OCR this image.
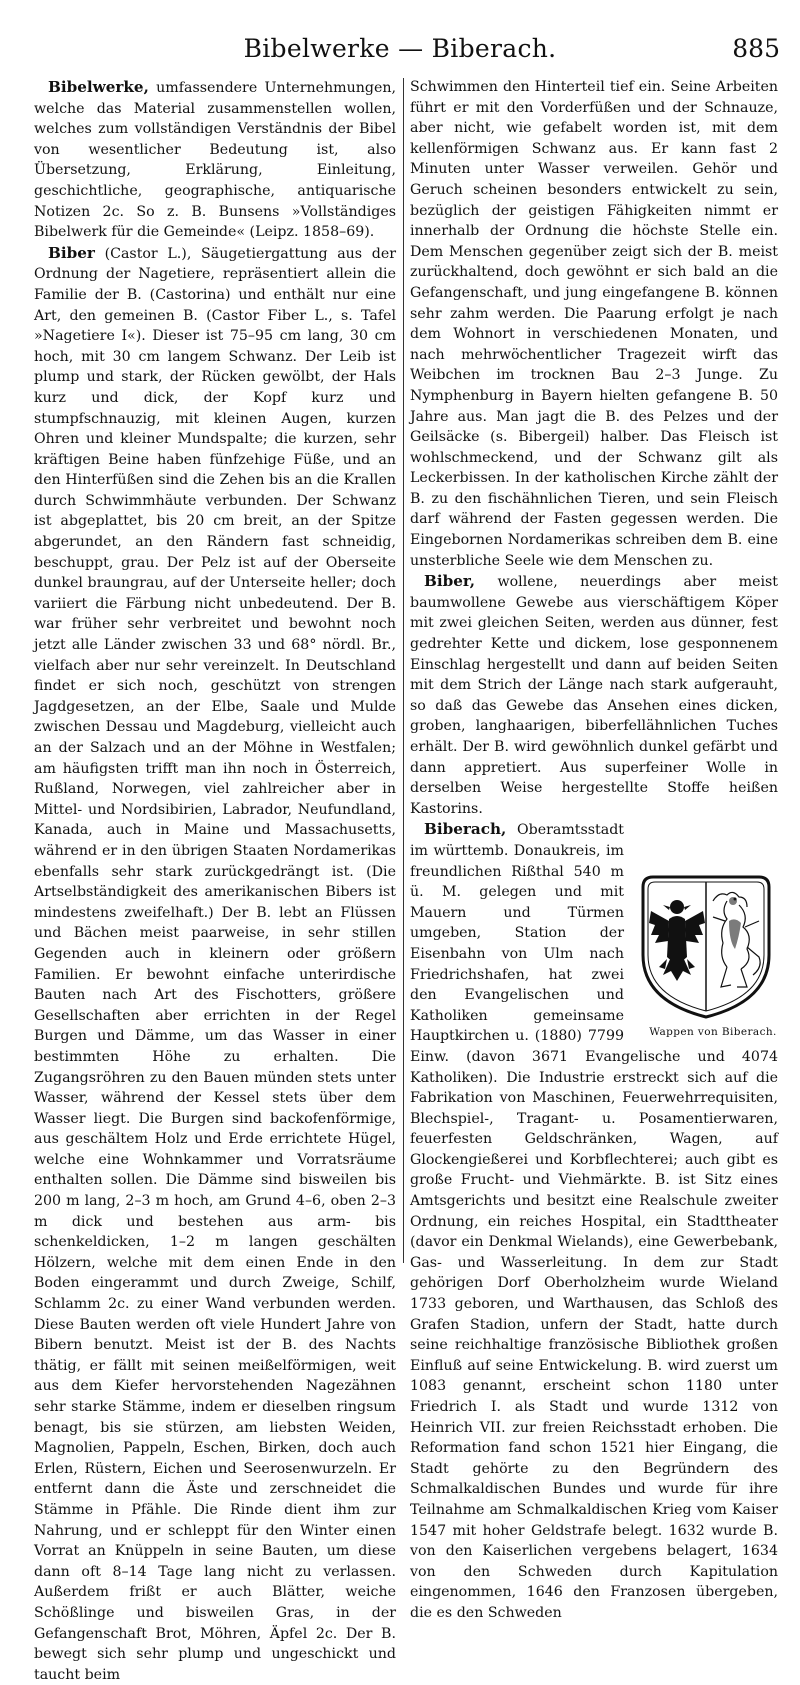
Bibelwerke — Biberach.	885

Bibelwerke, umfassendere Unternehmungen, welche das Material zusammenstellen wollen, welches zum vollständigen Verständnis der Bibel von wesentlicher Bedeutung ist, also Übersetzung, Erklärung, Einleitung, geschichtliche, geographische, antiquarische Notizen 2c. So z. B. Bunsens »Vollständiges Bibelwerk für die Gemeinde« (Leipz. 1858–69).

Biber (Castor L.), Säugetiergattung aus der Ordnung der Nagetiere, repräsentiert allein die Familie der B. (Castorina) und enthält nur eine Art, den gemeinen B. (Castor Fiber L., s. Tafel »Nagetiere I«). Dieser ist 75–95 cm lang, 30 cm hoch, mit 30 cm langem Schwanz. Der Leib ist plump und stark, der Rücken gewölbt, der Hals kurz und dick, der Kopf kurz und stumpfschnauzig, mit kleinen Augen, kurzen Ohren und kleiner Mundspalte; die kurzen, sehr kräftigen Beine haben fünfzehige Füße, und an den Hinterfüßen sind die Zehen bis an die Krallen durch Schwimmhäute verbunden. Der Schwanz ist abgeplattet, bis 20 cm breit, an der Spitze abgerundet, an den Rändern fast schneidig, beschuppt, grau. Der Pelz ist auf der Oberseite dunkel braungrau, auf der Unterseite heller; doch variiert die Färbung nicht unbedeutend. Der B. war früher sehr verbreitet und bewohnt noch jetzt alle Länder zwischen 33 und 68° nördl. Br., vielfach aber nur sehr vereinzelt. In Deutschland findet er sich noch, geschützt von strengen Jagdgesetzen, an der Elbe, Saale und Mulde zwischen Dessau und Magdeburg, vielleicht auch an der Salzach und an der Möhne in Westfalen; am häufigsten trifft man ihn noch in Österreich, Rußland, Norwegen, viel zahlreicher aber in Mittel- und Nordsibirien, Labrador, Neufundland, Kanada, auch in Maine und Massachusetts, während er in den übrigen Staaten Nordamerikas ebenfalls sehr stark zurückgedrängt ist. (Die Artselbständigkeit des amerikanischen Bibers ist mindestens zweifelhaft.) Der B. lebt an Flüssen und Bächen meist paarweise, in sehr stillen Gegenden auch in kleinern oder größern Familien. Er bewohnt einfache unterirdische Bauten nach Art des Fischotters, größere Gesellschaften aber errichten in der Regel Burgen und Dämme, um das Wasser in einer bestimmten Höhe zu erhalten. Die Zugangsröhren zu den Bauen münden stets unter Wasser, während der Kessel stets über dem Wasser liegt. Die Burgen sind backofenförmige, aus geschältem Holz und Erde errichtete Hügel, welche eine Wohnkammer und Vorratsräume enthalten sollen. Die Dämme sind bisweilen bis 200 m lang, 2–3 m hoch, am Grund 4–6, oben 2–3 m dick und bestehen aus arm- bis schenkeldicken, 1–2 m langen geschälten Hölzern, welche mit dem einen Ende in den Boden eingerammt und durch Zweige, Schilf, Schlamm 2c. zu einer Wand verbunden werden. Diese Bauten werden oft viele Hundert Jahre von Bibern benutzt. Meist ist der B. des Nachts thätig, er fällt mit seinen meißelförmigen, weit aus dem Kiefer hervorstehenden Nagezähnen sehr starke Stämme, indem er dieselben ringsum benagt, bis sie stürzen, am liebsten Weiden, Magnolien, Pappeln, Eschen, Birken, doch auch Erlen, Rüstern, Eichen und Seerosenwurzeln. Er entfernt dann die Äste und zerschneidet die Stämme in Pfähle. Die Rinde dient ihm zur Nahrung, und er schleppt für den Winter einen Vorrat an Knüppeln in seine Bauten, um diese dann oft 8–14 Tage lang nicht zu verlassen. Außerdem frißt er auch Blätter, weiche Schößlinge und bisweilen Gras, in der Gefangenschaft Brot, Möhren, Äpfel 2c. Der B. bewegt sich sehr plump und ungeschickt und taucht beim

Schwimmen den Hinterteil tief ein. Seine Arbeiten führt er mit den Vorderfüßen und der Schnauze, aber nicht, wie gefabelt worden ist, mit dem kellenförmigen Schwanz aus. Er kann fast 2 Minuten unter Wasser verweilen. Gehör und Geruch scheinen besonders entwickelt zu sein, bezüglich der geistigen Fähigkeiten nimmt er innerhalb der Ordnung die höchste Stelle ein. Dem Menschen gegenüber zeigt sich der B. meist zurückhaltend, doch gewöhnt er sich bald an die Gefangenschaft, und jung eingefangene B. können sehr zahm werden. Die Paarung erfolgt je nach dem Wohnort in verschiedenen Monaten, und nach mehrwöchentlicher Tragezeit wirft das Weibchen im trocknen Bau 2–3 Junge. Zu Nymphenburg in Bayern hielten gefangene B. 50 Jahre aus. Man jagt die B. des Pelzes und der Geilsäcke (s. Bibergeil) halber. Das Fleisch ist wohlschmeckend, und der Schwanz gilt als Leckerbissen. In der katholischen Kirche zählt der B. zu den fischähnlichen Tieren, und sein Fleisch darf während der Fasten gegessen werden. Die Eingebornen Nordamerikas schreiben dem B. eine unsterbliche Seele wie dem Menschen zu.

Biber, wollene, neuerdings aber meist baumwollene Gewebe aus vierschäftigem Köper mit zwei gleichen Seiten, werden aus dünner, fest gedrehter Kette und dickem, lose gesponnenem Einschlag hergestellt und dann auf beiden Seiten mit dem Strich der Länge nach stark aufgerauht, so daß das Gewebe das Ansehen eines dicken, groben, langhaarigen, biberfellähnlichen Tuches erhält. Der B. wird gewöhnlich dunkel gefärbt und dann appretiert. Aus superfeiner Wolle in derselben Weise hergestellte Stoffe heißen Kastorins.

Wappen von Biberach.
Biberach, Oberamtsstadt im württemb. Donaukreis, im freundlichen Rißthal 540 m ü. M. gelegen und mit Mauern und Türmen umgeben, Station der Eisenbahn von Ulm nach Friedrichshafen, hat zwei den Evangelischen und Katholiken gemeinsame Hauptkirchen u. (1880) 7799 Einw. (davon 3671 Evangelische und 4074 Katholiken). Die Industrie erstreckt sich auf die Fabrikation von Maschinen, Feuerwehrrequisiten, Blechspiel-, Tragant- u. Posamentierwaren, feuerfesten Geldschränken, Wagen, auf Glockengießerei und Korbflechterei; auch gibt es große Frucht- und Viehmärkte. B. ist Sitz eines Amtsgerichts und besitzt eine Realschule zweiter Ordnung, ein reiches Hospital, ein Stadttheater (davor ein Denkmal Wielands), eine Gewerbebank, Gas- und Wasserleitung. In dem zur Stadt gehörigen Dorf Oberholzheim wurde Wieland 1733 geboren, und Warthausen, das Schloß des Grafen Stadion, unfern der Stadt, hatte durch seine reichhaltige französische Bibliothek großen Einfluß auf seine Entwickelung. B. wird zuerst um 1083 genannt, erscheint schon 1180 unter Friedrich I. als Stadt und wurde 1312 von Heinrich VII. zur freien Reichsstadt erhoben. Die Reformation fand schon 1521 hier Eingang, die Stadt gehörte zu den Begründern des Schmalkaldischen Bundes und wurde für ihre Teilnahme am Schmalkaldischen Krieg vom Kaiser 1547 mit hoher Geldstrafe belegt. 1632 wurde B. von den Kaiserlichen vergebens belagert, 1634 von den Schweden durch Kapitulation eingenommen, 1646 den Franzosen übergeben, die es den Schweden
